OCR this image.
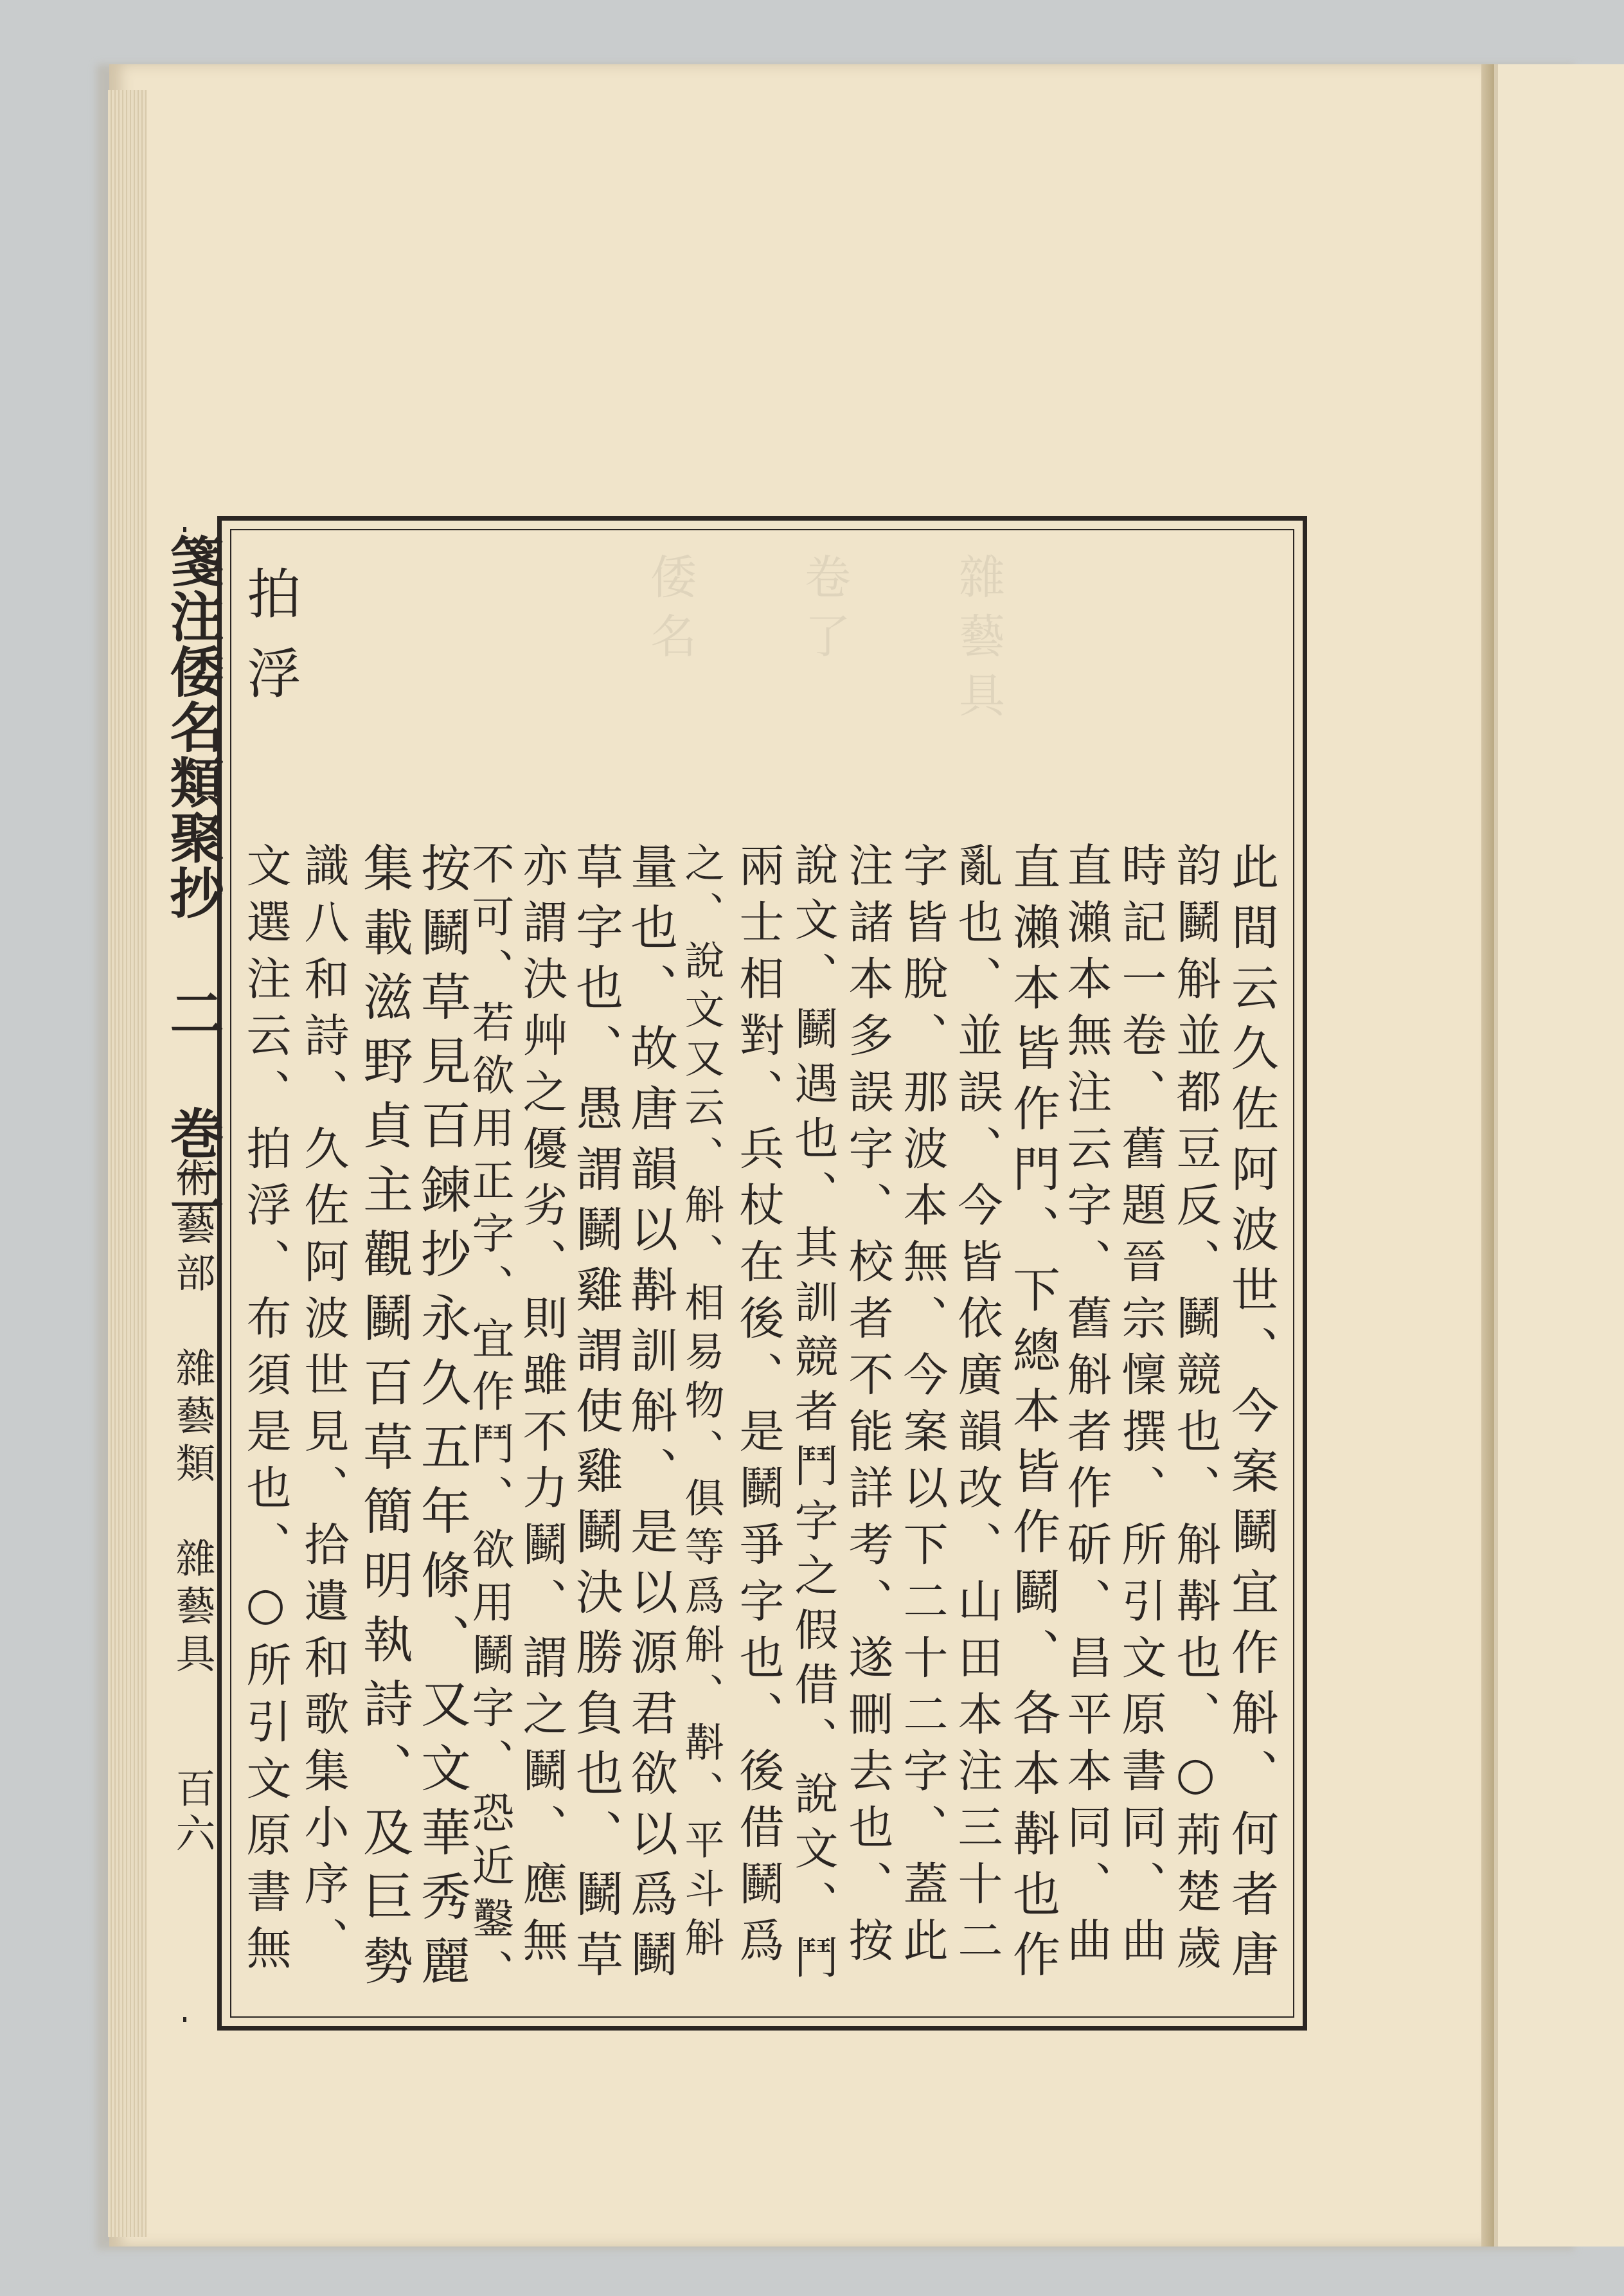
箋注倭名類聚抄 二 巻二
術藝部　雜藝類　雜藝具
百六
雜藝具
卷了
倭名
拍浮
文選注云、拍浮、布須是也、○所引文原書無 識八和詩、久佐阿波世見、拾遺和歌集小序、 集載滋野貞主觀鬭百草簡明執詩、及巨勢 按鬭草見百鍊抄永久五年條、又文華秀麗
不可、若欲用正字、宜作鬥、欲用鬭字、恐近鑿、 亦謂決艸之優劣、則雖不力鬭、謂之鬭、應無 草字也、愚謂鬭雞謂使雞鬭決勝負也、鬭草 量也、故唐韻以斠訓斛、是以源君欲以爲鬭 之、說文又云、斛、相易物、俱等爲斛、斠、平斗斛 兩士相對、兵杖在後、是鬭爭字也、後借鬭爲 說文、鬭遇也、其訓競者鬥字之假借、說文、鬥 注諸本多誤字、校者不能詳考、遂刪去也、按 字皆脫、那波本無、今案以下二十二字、蓋此 亂也、並誤、今皆依廣韻改、山田本注三十二 直瀨本皆作門、下總本皆作鬬、各本斠也作 直瀨本無注云字、舊斛者作斫、昌平本同、曲 時記一卷、舊題晉宗懍撰、所引文原書同、曲 韵鬭斛並都豆反、鬭競也、斛斠也、○荊楚歲 此間云久佐阿波世、今案鬭宜作斛、何者唐
